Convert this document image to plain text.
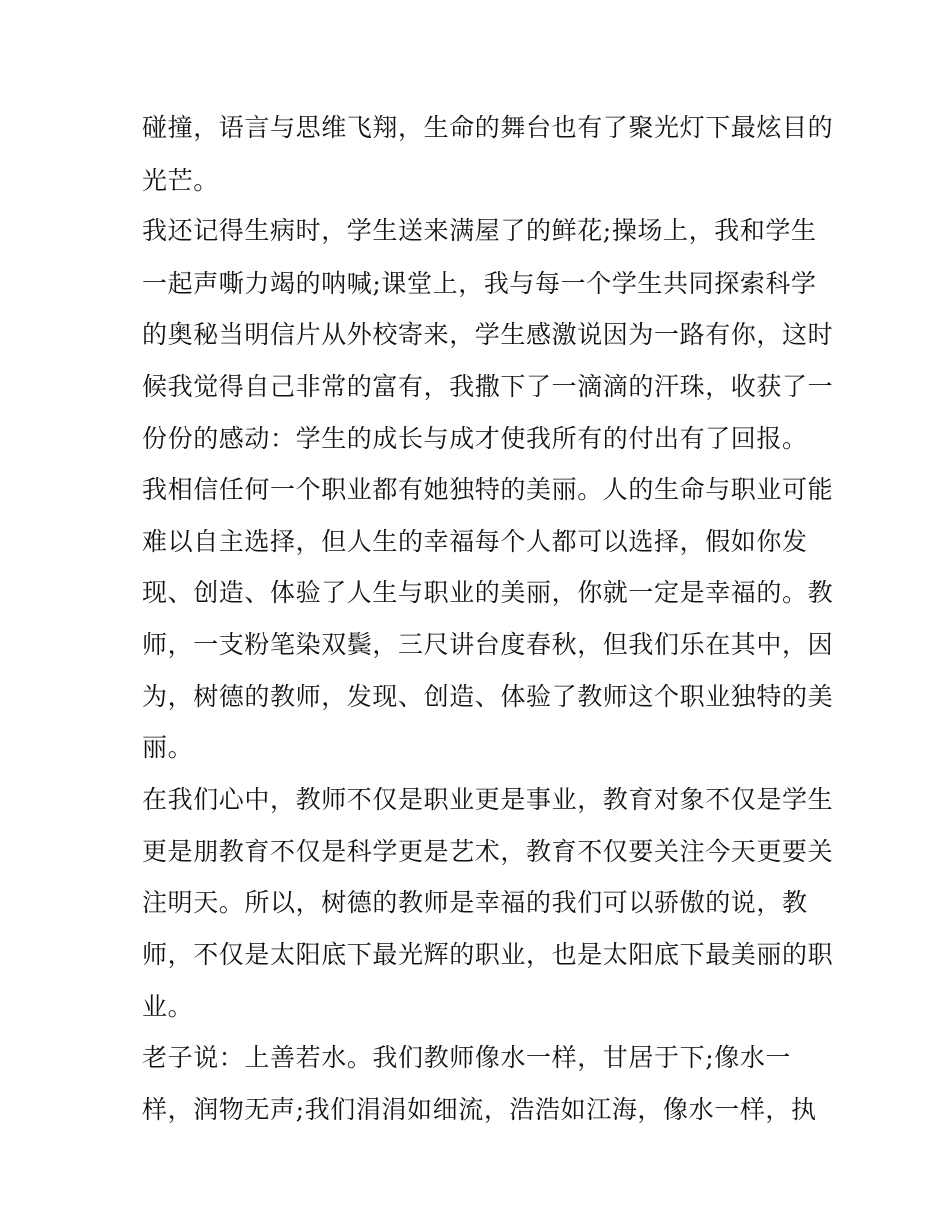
碰撞，语言与思维飞翔，生命的舞台也有了聚光灯下最炫目的
光芒。
我还记得生病时，学生送来满屋了的鲜花;操场上，我和学生
一起声嘶力竭的呐喊;课堂上，我与每一个学生共同探索科学
的奥秘当明信片从外校寄来，学生感激说因为一路有你，这时
候我觉得自己非常的富有，我撒下了一滴滴的汗珠，收获了一
份份的感动：学生的成长与成才使我所有的付出有了回报。
我相信任何一个职业都有她独特的美丽。人的生命与职业可能
难以自主选择，但人生的幸福每个人都可以选择，假如你发
现、创造、体验了人生与职业的美丽，你就一定是幸福的。教
师，一支粉笔染双鬓，三尺讲台度春秋，但我们乐在其中，因
为，树德的教师，发现、创造、体验了教师这个职业独特的美
丽。
在我们心中，教师不仅是职业更是事业，教育对象不仅是学生
更是朋教育不仅是科学更是艺术，教育不仅要关注今天更要关
注明天。所以，树德的教师是幸福的我们可以骄傲的说，教
师，不仅是太阳底下最光辉的职业，也是太阳底下最美丽的职
业。
老子说：上善若水。我们教师像水一样，甘居于下;像水一
样，润物无声;我们涓涓如细流，浩浩如江海，像水一样，执
